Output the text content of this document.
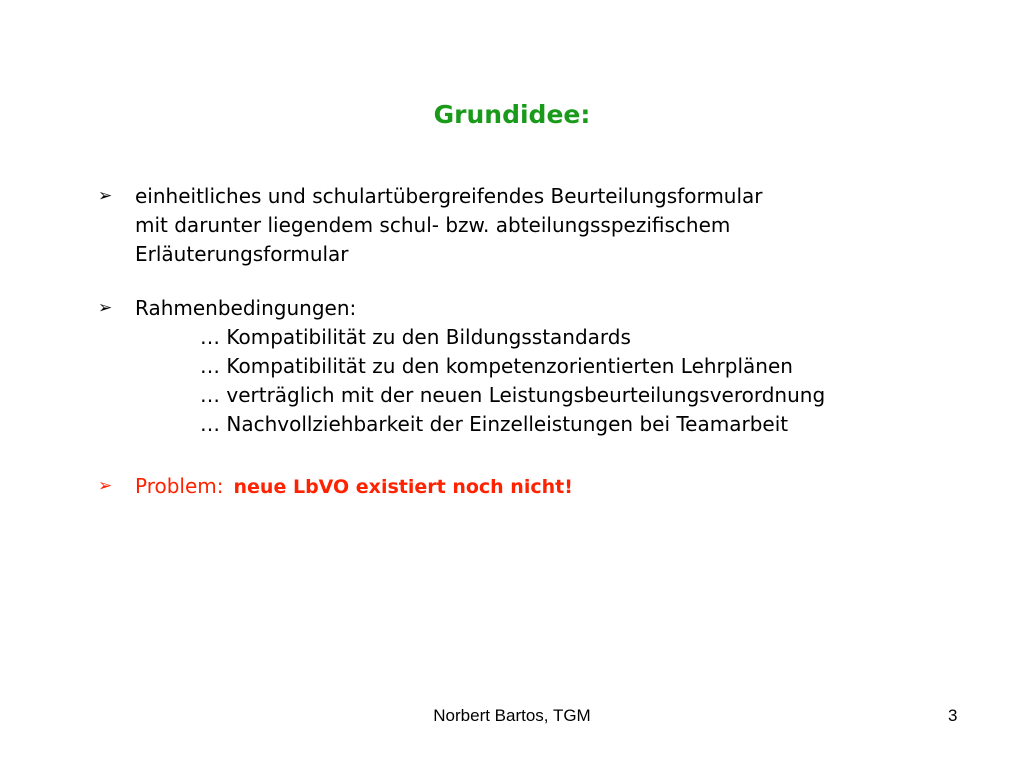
Grundidee:
➢ einheitliches und schulartübergreifendes Beurteilungsformular
mit darunter liegendem schul- bzw. abteilungsspezifischem
Erläuterungsformular
➢ Rahmenbedingungen:
… Kompatibilität zu den Bildungsstandards
… Kompatibilität zu den kompetenzorientierten Lehrplänen
… verträglich mit der neuen Leistungsbeurteilungsverordnung
… Nachvollziehbarkeit der Einzelleistungen bei Teamarbeit
➢ Problem: neue LbVO existiert noch nicht!
Norbert Bartos, TGM	3
